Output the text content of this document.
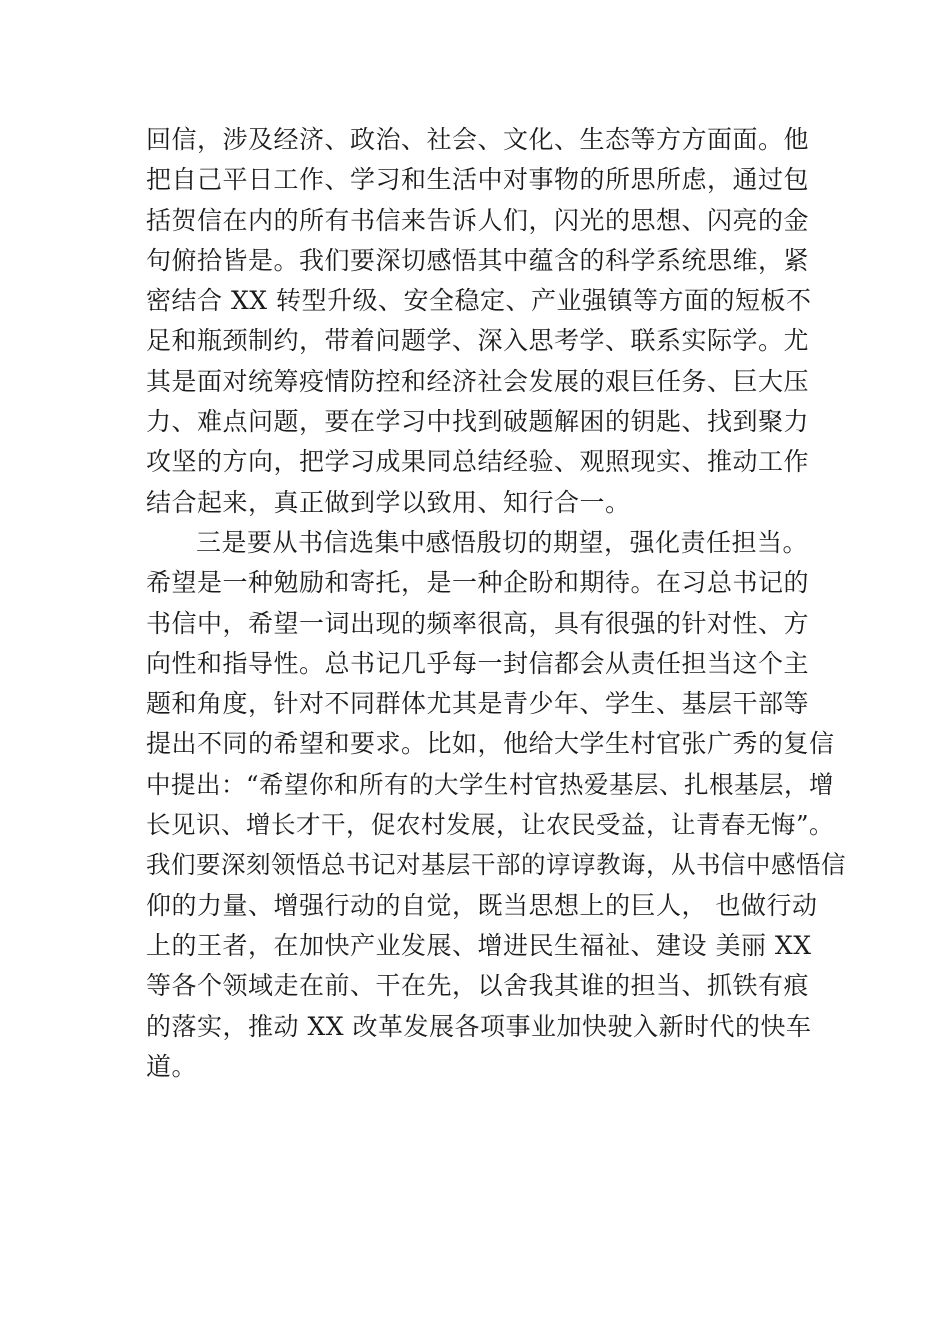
回信，涉及经济、政治、社会、文化、生态等方方面面。他
把自己平日工作、学习和生活中对事物的所思所虑，通过包
括贺信在内的所有书信来告诉人们，闪光的思想、闪亮的金
句俯拾皆是。我们要深切感悟其中蕴含的科学系统思维，紧
密结合 XX 转型升级、安全稳定、产业强镇等方面的短板不
足和瓶颈制约，带着问题学、深入思考学、联系实际学。尤
其是面对统筹疫情防控和经济社会发展的艰巨任务、巨大压
力、难点问题，要在学习中找到破题解困的钥匙、找到聚力
攻坚的方向，把学习成果同总结经验、观照现实、推动工作
结合起来，真正做到学以致用、知行合一。
三是要从书信选集中感悟殷切的期望，强化责任担当。
希望是一种勉励和寄托，是一种企盼和期待。在习总书记的
书信中，希望一词出现的频率很高，具有很强的针对性、方
向性和指导性。总书记几乎每一封信都会从责任担当这个主
题和角度，针对不同群体尤其是青少年、学生、基层干部等
提出不同的希望和要求。比如，他给大学生村官张广秀的复信
中提出：“希望你和所有的大学生村官热爱基层、扎根基层，增
长见识、增长才干，促农村发展，让农民受益，让青春无悔”。
我们要深刻领悟总书记对基层干部的谆谆教诲，从书信中感悟信
仰的力量、增强行动的自觉，既当思想上的巨人， 也做行动
上的王者，在加快产业发展、增进民生福祉、建设 美丽 XX
等各个领域走在前、干在先，以舍我其谁的担当、抓铁有痕
的落实，推动 XX 改革发展各项事业加快驶入新时代的快车
道。
